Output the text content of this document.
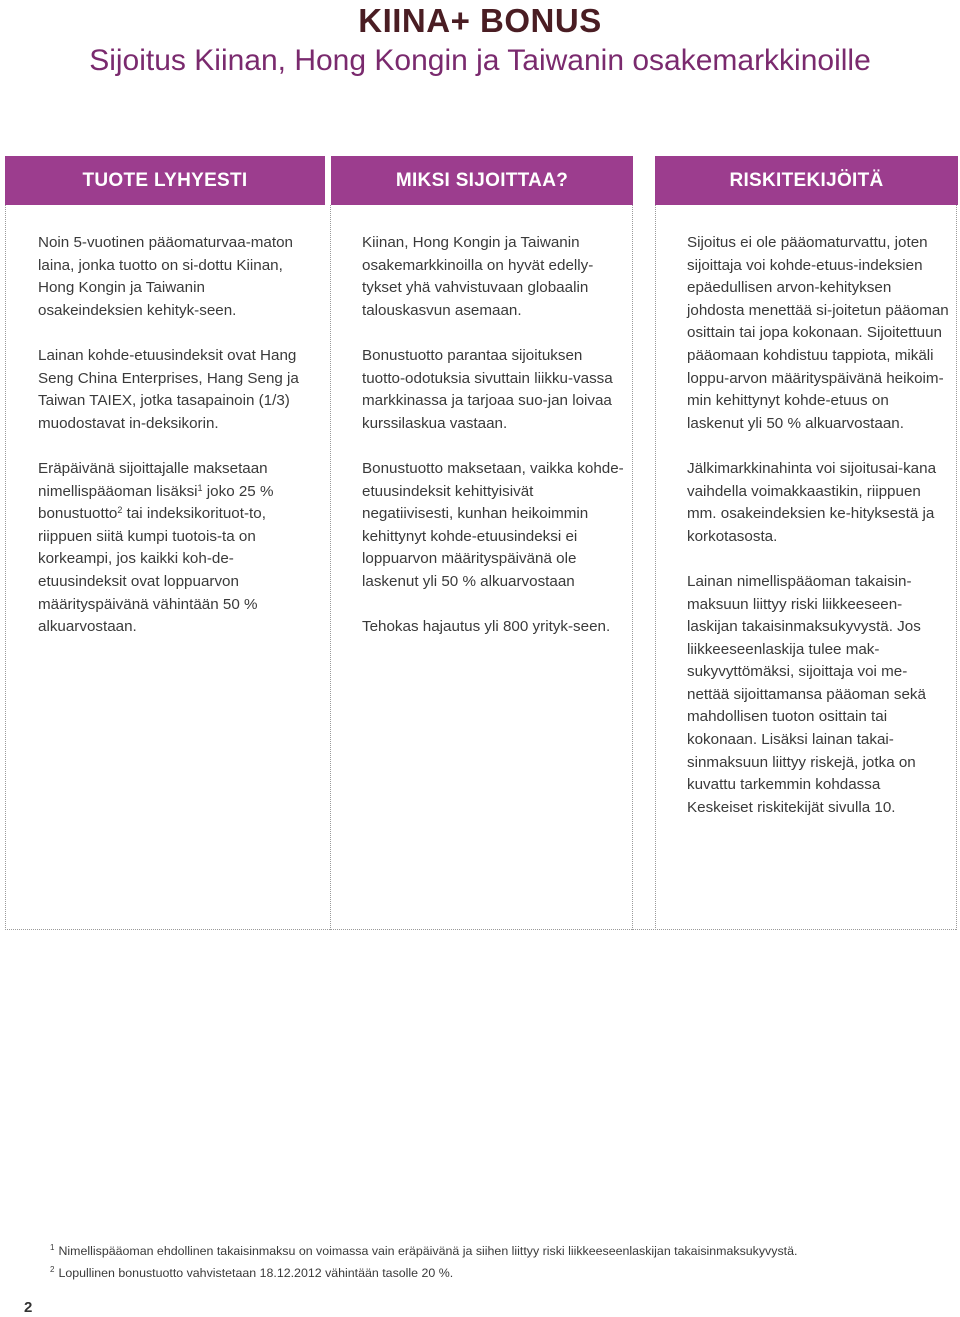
KIINA+ BONUS
Sijoitus Kiinan, Hong Kongin ja Taiwanin osakemarkkinoille
TUOTE LYHYESTI	MIKSI SIJOITTAA?	RISKITEKIJÖITÄ

Noin 5-vuotinen pääomaturvaa-maton laina, jonka tuotto on si-dottu Kiinan, Hong Kongin ja Taiwanin osakeindeksien kehityk-seen.

Lainan kohde-etuusindeksit ovat Hang Seng China Enterprises, Hang Seng ja Taiwan TAIEX, jotka tasapainoin (1/3) muodostavat in-deksikorin.

Eräpäivänä sijoittajalle maksetaan nimellispääoman lisäksi$^1$ joko 25 % bonustuotto$^2$ tai indeksikorituot-to, riippuen siitä kumpi tuotois-ta on korkeampi, jos kaikki koh-de-etuusindeksit ovat loppuarvon määrityspäivänä vähintään 50 % alkuarvostaan.

Kiinan, Hong Kongin ja Taiwanin osakemarkkinoilla on hyvät edelly-tykset yhä vahvistuvaan globaalin talouskasvun asemaan.

Bonustuotto parantaa sijoituksen tuotto-odotuksia sivuttain liikku-vassa markkinassa ja tarjoaa suo-jan loivaa kurssilaskua vastaan.

Bonustuotto maksetaan, vaikka kohde-etuusindeksit kehittyisivät negatiivisesti, kunhan heikoimmin kehittynyt kohde-etuusindeksi ei loppuarvon määrityspäivänä ole laskenut yli 50 % alkuarvostaan

Tehokas hajautus yli 800 yrityk-seen.

Sijoitus ei ole pääomaturvattu, joten sijoittaja voi kohde-etuus-indeksien epäedullisen arvon-kehityksen johdosta menettää si-joitetun pääoman osittain tai jopa kokonaan. Sijoitettuun pääomaan kohdistuu tappiota, mikäli loppu-arvon määrityspäivänä heikoim-min kehittynyt kohde-etuus on laskenut yli 50 % alkuarvostaan.

Jälkimarkkinahinta voi sijoitusai-kana vaihdella voimakkaastikin, riippuen mm. osakeindeksien ke-hityksestä ja korkotasosta.

Lainan nimellispääoman takaisin-maksuun liittyy riski liikkeeseen-laskijan takaisinmaksukyvystä. Jos liikkeeseenlaskija tulee mak-sukyvyttömäksi, sijoittaja voi me-nettää sijoittamansa pääoman sekä mahdollisen tuoton osittain tai kokonaan. Lisäksi lainan takai-sinmaksuun liittyy riskejä, jotka on kuvattu tarkemmin kohdassa Keskeiset riskitekijät sivulla 10.

$^1$ Nimellispääoman ehdollinen takaisinmaksu on voimassa vain eräpäivänä ja siihen liittyy riski liikkeeseenlaskijan takaisinmaksukyvystä.
$^2$ Lopullinen bonustuotto vahvistetaan 18.12.2012 vähintään tasolle 20 %.
2
